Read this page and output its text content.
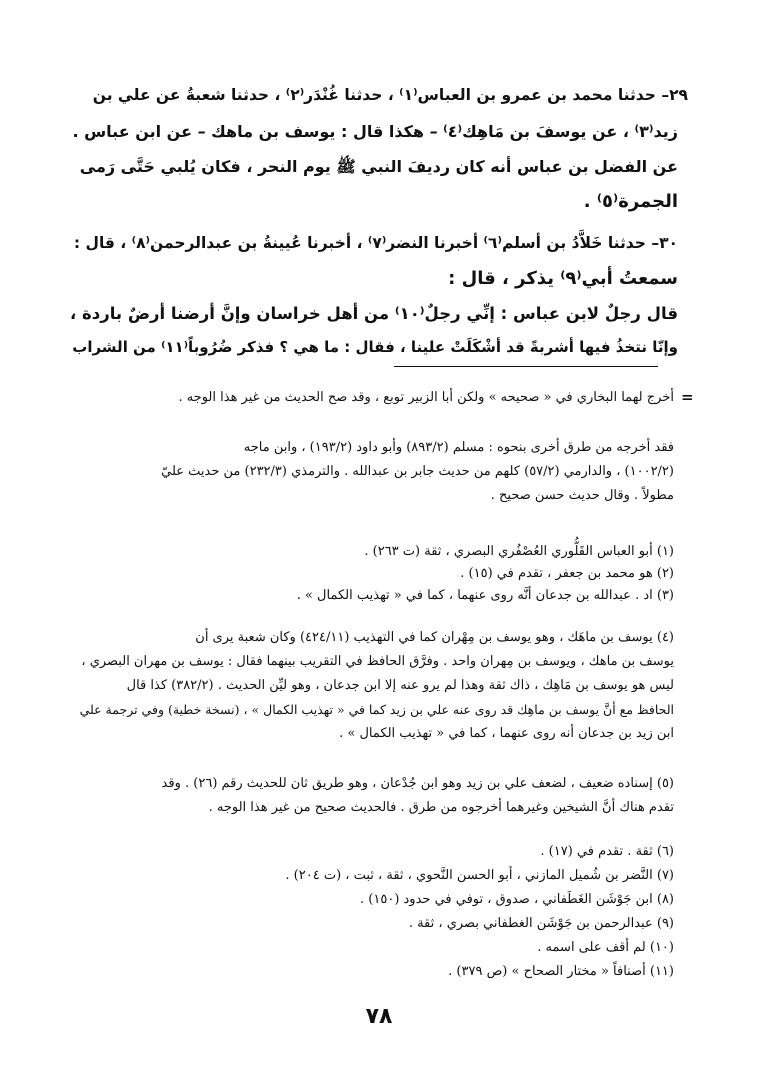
٢٩– حدثنا محمد بن عمرو بن العباس⁽١⁾ ، حدثنا غُنْدَر⁽٢⁾ ، حدثنا شعبةُ عن علي بن
زيد⁽٣⁾ ، عن يوسفَ بن مَاهِك⁽٤⁾ – هكذا قال : يوسف بن ماهك – عن ابن عباس .
عن الفضل بن عباس أنه كان رديفَ النبي ﷺ يوم النحر ، فكان يُلبي حَتَّى رَمى
الجمرة⁽٥⁾ .
٣٠– حدثنا خَلاَّدُ بن أسلم⁽٦⁾ أخبرنا النضر⁽٧⁾ ، أخبرنا عُيينةُ بن عبدالرحمن⁽٨⁾ ، قال :
سمعتُ أبي⁽٩⁾ يذكر ، قال :
قال رجلٌ لابن عباس : إنِّي رجلٌ⁽١٠⁾ من أهل خراسان وإنَّ أرضنا أرضٌ باردة ،
وإنّا نتخذُ فيها أشربةً قد أشْكَلَتْ علينا ، فقال : ما هي ؟ فذكر ضُرُوباً⁽١١⁾ من الشراب
=
أخرج لهما البخاري في « صحيحه » ولكن أبا الزبير توبع ، وقد صح الحديث من غير هذا الوجه .
فقد أخرجه من طرق أخرى بنحوه : مسلم (٨٩٣/٢) وأبو داود (١٩٣/٢) ، وابن ماجه
(١٠٠٢/٢) ، والدارمي (٥٧/٢) كلهم من حديث جابر بن عبدالله . والترمذي (٢٣٢/٣) من حديث عليّ
مطولاً . وقال حديث حسن صحيح .
(١) أبو العباس القَلُّوري العُصْفُري البصري ، ثقة (ت ٢٦٣) .
(٢) هو محمد بن جعفر ، تقدم في (١٥) .
(٣) اد . عبدالله بن جدعان أنَّه روى عنهما ، كما في « تهذيب الكمال » .
(٤) يوسف بن ماهَك ، وهو يوسف بن مِهْران كما في التهذيب (٤٢٤/١١) وكان شعبة يرى أن
يوسف بن ماهك ، ويوسف بن مِهران واحد . وفرَّق الحافظ في التقريب بينهما فقال : يوسف بن مهران البصري ،
ليس هو يوسف بن مَاهِك ، ذاك ثقة وهذا لم يرو عنه إلا ابن جدعان ، وهو ليِّن الحديث . (٣٨٢/٢) كذا قال
الحافظ مع أنَّ يوسف بن ماهِك قد روى عنه علي بن زيد كما في « تهذيب الكمال » ، (نسخة خطية) وفي ترجمة علي
ابن زيد بن جدعان أنه روى عنهما ، كما في « تهذيب الكمال » .
(٥) إسناده ضعيف ، لضعف علي بن زيد وهو ابن جُدْعان ، وهو طريق ثان للحديث رقم (٢٦) . وقد
تقدم هناك أنَّ الشيخين وغيرهما أخرجوه من طرق . فالحديث صحيح من غير هذا الوجه .
(٦) ثقة . تقدم في (١٧) .
(٧) النَّضر بن شُميل المازني ، أبو الحسن النَّحوي ، ثقة ، ثبت ، (ت ٢٠٤) .
(٨) ابن جَوْشَن الغَطَفاني ، صدوق ، توفي في حدود (١٥٠) .
(٩) عبدالرحمن بن جَوْشَن الغطفاني بصري ، ثقة .
(١٠) لم أقف على اسمه .
(١١) أصنافاً « مختار الصحاح » (ص ٣٧٩) .
٧٨
